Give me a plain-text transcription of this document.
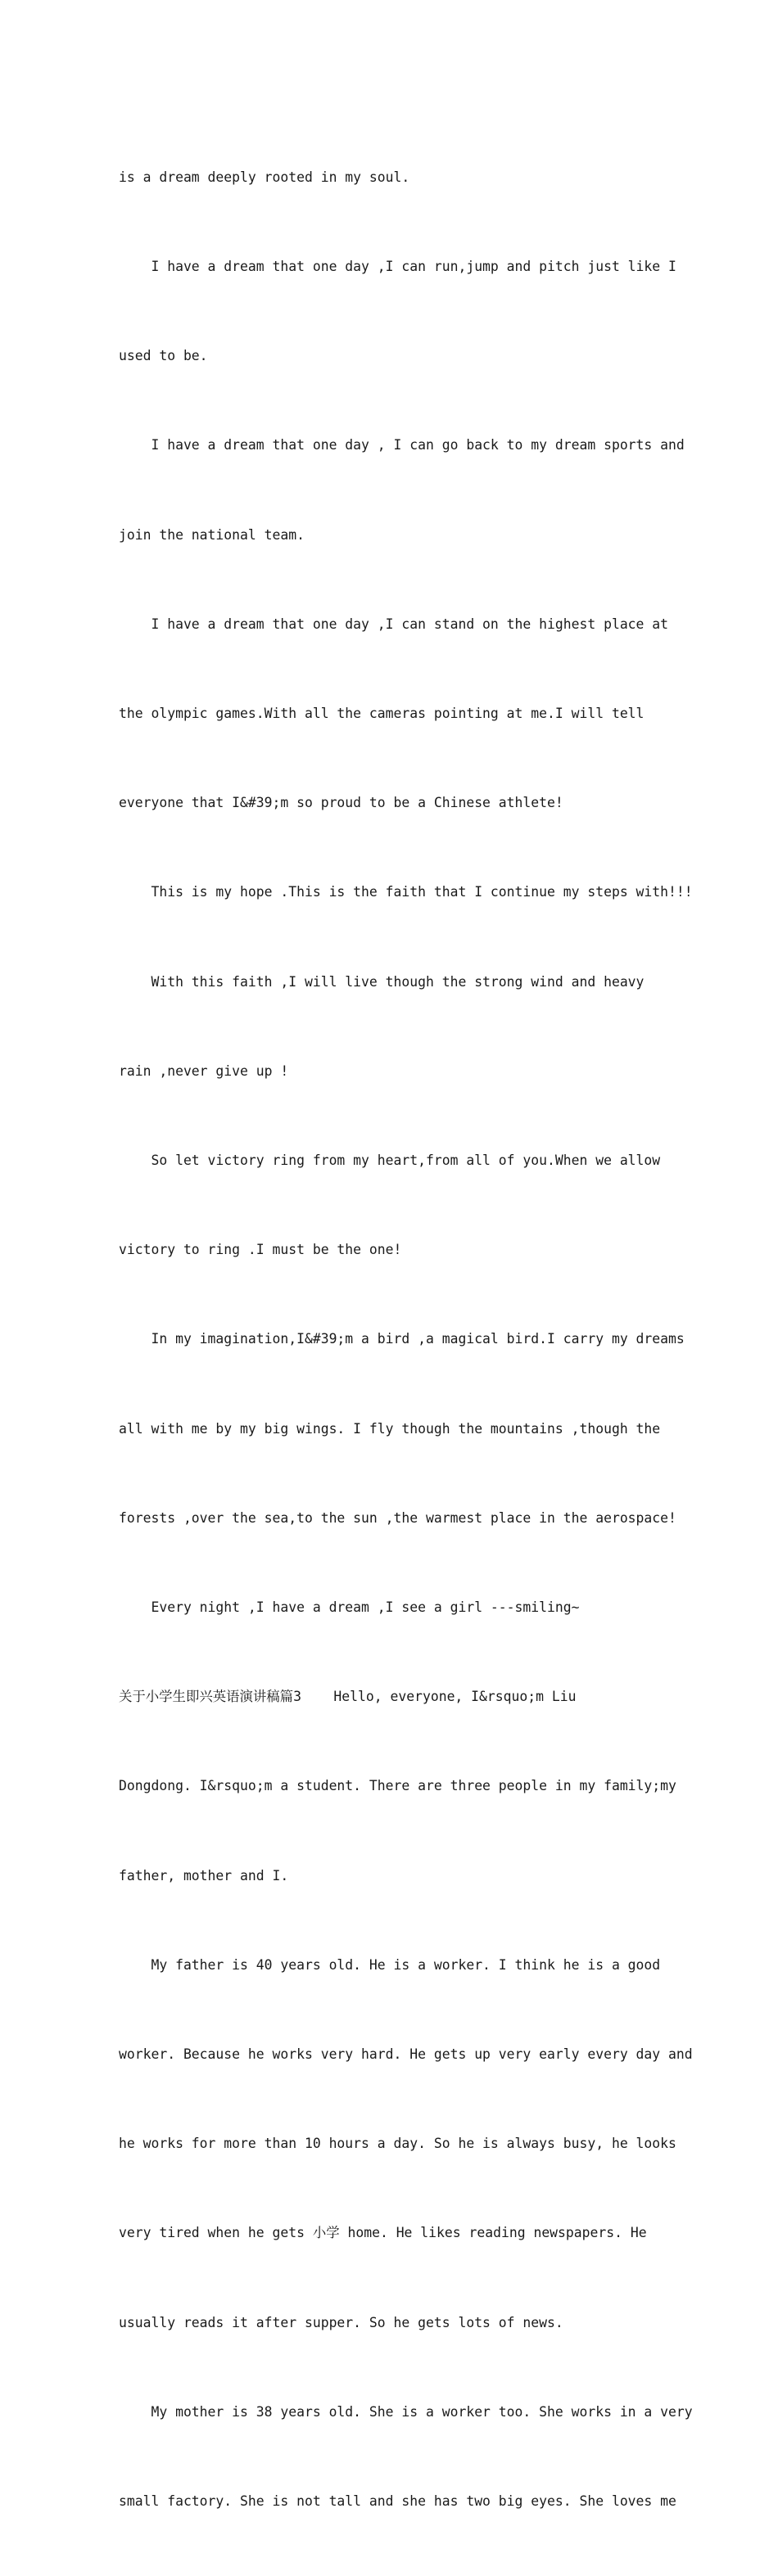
is a dream deeply rooted in my soul.

I have a dream that one day ,I can run,jump and pitch just like I

used to be.

I have a dream that one day , I can go back to my dream sports and

join the national team.

I have a dream that one day ,I can stand on the highest place at

the olympic games.With all the cameras pointing at me.I will tell

everyone that I&#39;m so proud to be a Chinese athlete!

This is my hope .This is the faith that I continue my steps with!!!

With this faith ,I will live though the strong wind and heavy

rain ,never give up !

So let victory ring from my heart,from all of you.When we allow

victory to ring .I must be the one!

In my imagination,I&#39;m a bird ,a magical bird.I carry my dreams

all with me by my big wings. I fly though the mountains ,though the

forests ,over the sea,to the sun ,the warmest place in the aerospace!

Every night ,I have a dream ,I see a girl ---smiling~

关于小学生即兴英语演讲稿篇3    Hello, everyone, I&rsquo;m Liu

Dongdong. I&rsquo;m a student. There are three people in my family;my

father, mother and I.

My father is 40 years old. He is a worker. I think he is a good

worker. Because he works very hard. He gets up very early every day and

he works for more than 10 hours a day. So he is always busy, he looks

very tired when he gets 小学 home. He likes reading newspapers. He

usually reads it after supper. So he gets lots of news.

My mother is 38 years old. She is a worker too. She works in a very

small factory. She is not tall and she has two big eyes. She loves me
